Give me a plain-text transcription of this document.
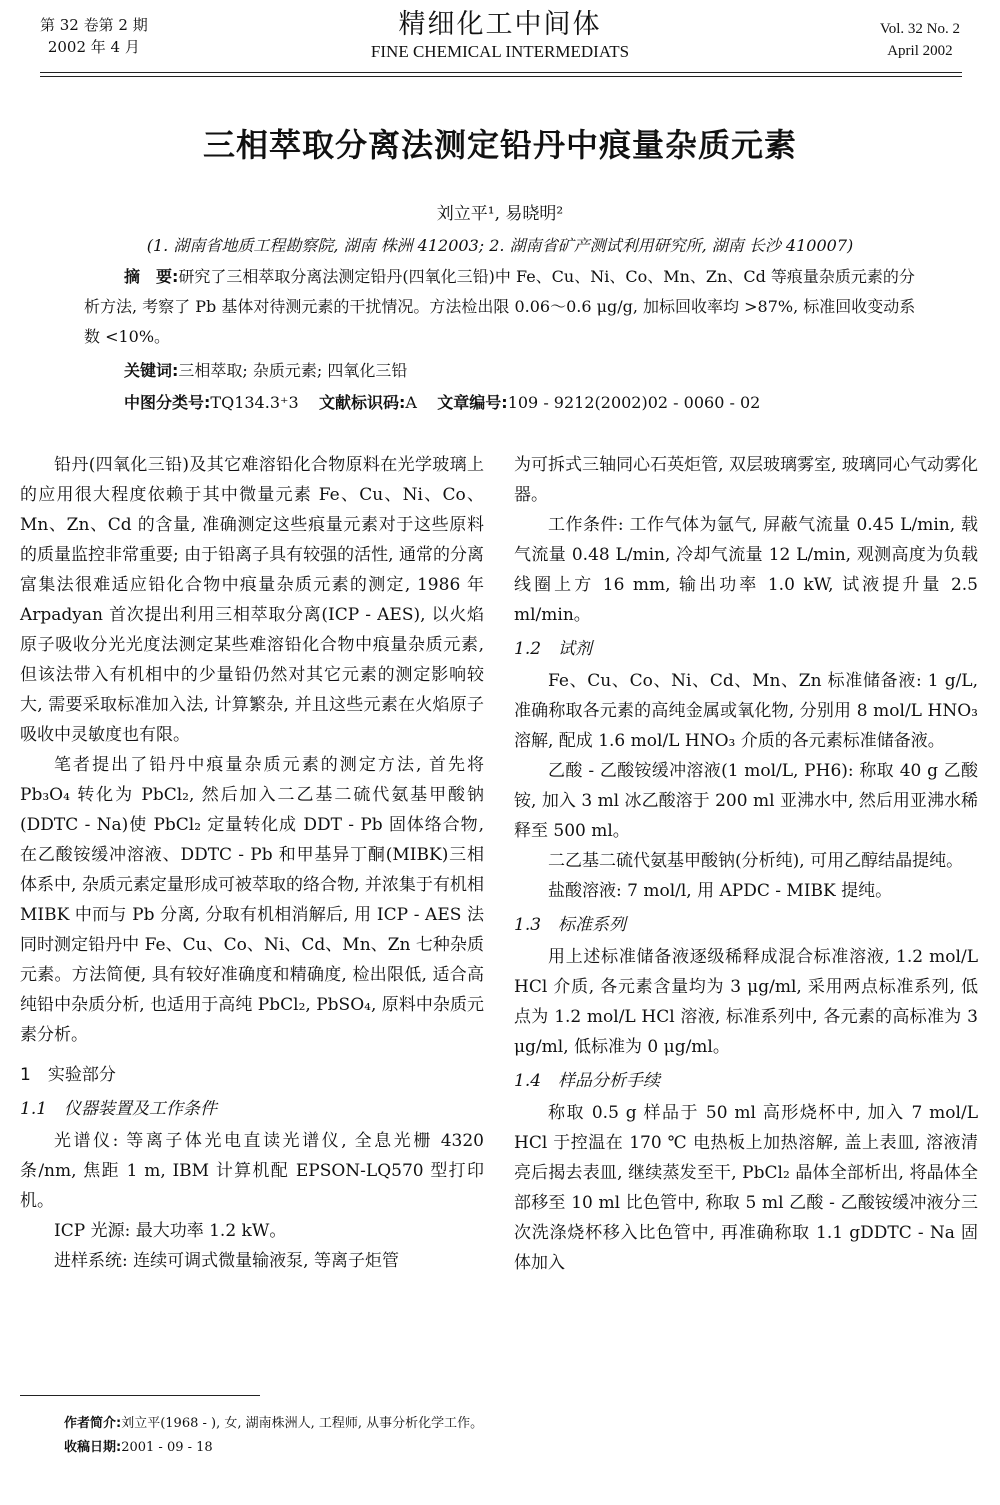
第 32 卷第 2 期
2002 年 4 月
精细化工中间体
FINE CHEMICAL INTERMEDIATS
Vol. 32 No. 2
April 2002
三相萃取分离法测定铅丹中痕量杂质元素
刘立平¹, 易晓明²
(1. 湖南省地质工程勘察院, 湖南 株洲 412003; 2. 湖南省矿产测试利用研究所, 湖南 长沙 410007)
摘　要:研究了三相萃取分离法测定铅丹(四氧化三铅)中 Fe、Cu、Ni、Co、Mn、Zn、Cd 等痕量杂质元素的分析方法, 考察了 Pb 基体对待测元素的干扰情况。方法检出限 0.06～0.6 μg/g, 加标回收率均 >87%, 标准回收变动系数 <10%。
关键词:三相萃取; 杂质元素; 四氧化三铅
中图分类号:TQ134.3⁺3 文献标识码:A 文章编号:109 - 9212(2002)02 - 0060 - 02

铅丹(四氧化三铅)及其它难溶铅化合物原料在光学玻璃上的应用很大程度依赖于其中微量元素 Fe、Cu、Ni、Co、Mn、Zn、Cd 的含量, 准确测定这些痕量元素对于这些原料的质量监控非常重要; 由于铅离子具有较强的活性, 通常的分离富集法很难适应铅化合物中痕量杂质元素的测定, 1986 年 Arpadyan 首次提出利用三相萃取分离(ICP - AES), 以火焰原子吸收分光光度法测定某些难溶铅化合物中痕量杂质元素, 但该法带入有机相中的少量铅仍然对其它元素的测定影响较大, 需要采取标准加入法, 计算繁杂, 并且这些元素在火焰原子吸收中灵敏度也有限。

笔者提出了铅丹中痕量杂质元素的测定方法, 首先将 Pb₃O₄ 转化为 PbCl₂, 然后加入二乙基二硫代氨基甲酸钠(DDTC - Na)使 PbCl₂ 定量转化成 DDT - Pb 固体络合物, 在乙酸铵缓冲溶液、DDTC - Pb 和甲基异丁酮(MIBK)三相体系中, 杂质元素定量形成可被萃取的络合物, 并浓集于有机相 MIBK 中而与 Pb 分离, 分取有机相消解后, 用 ICP - AES 法同时测定铅丹中 Fe、Cu、Co、Ni、Cd、Mn、Zn 七种杂质元素。方法简便, 具有较好准确度和精确度, 检出限低, 适合高纯铅中杂质分析, 也适用于高纯 PbCl₂, PbSO₄, 原料中杂质元素分析。

1　实验部分

1.1　仪器装置及工作条件

光谱仪: 等离子体光电直读光谱仪, 全息光栅 4320 条/nm, 焦距 1 m, IBM 计算机配 EPSON-LQ570 型打印机。

ICP 光源: 最大功率 1.2 kW。

进样系统: 连续可调式微量输液泵, 等离子炬管

为可拆式三轴同心石英炬管, 双层玻璃雾室, 玻璃同心气动雾化器。

工作条件: 工作气体为氩气, 屏蔽气流量 0.45 L/min, 载气流量 0.48 L/min, 冷却气流量 12 L/min, 观测高度为负载线圈上方 16 mm, 输出功率 1.0 kW, 试液提升量 2.5 ml/min。

1.2　试剂

Fe、Cu、Co、Ni、Cd、Mn、Zn 标准储备液: 1 g/L, 准确称取各元素的高纯金属或氧化物, 分别用 8 mol/L HNO₃ 溶解, 配成 1.6 mol/L HNO₃ 介质的各元素标准储备液。

乙酸 - 乙酸铵缓冲溶液(1 mol/L, PH6): 称取 40 g 乙酸铵, 加入 3 ml 冰乙酸溶于 200 ml 亚沸水中, 然后用亚沸水稀释至 500 ml。

二乙基二硫代氨基甲酸钠(分析纯), 可用乙醇结晶提纯。

盐酸溶液: 7 mol/l, 用 APDC - MIBK 提纯。

1.3　标准系列

用上述标准储备液逐级稀释成混合标准溶液, 1.2 mol/L HCl 介质, 各元素含量均为 3 μg/ml, 采用两点标准系列, 低点为 1.2 mol/L HCl 溶液, 标准系列中, 各元素的高标准为 3 μg/ml, 低标准为 0 μg/ml。

1.4　样品分析手续

称取 0.5 g 样品于 50 ml 高形烧杯中, 加入 7 mol/L HCl 于控温在 170 ℃ 电热板上加热溶解, 盖上表皿, 溶液清亮后揭去表皿, 继续蒸发至干, PbCl₂ 晶体全部析出, 将晶体全部移至 10 ml 比色管中, 称取 5 ml 乙酸 - 乙酸铵缓冲液分三次洗涤烧杯移入比色管中, 再准确称取 1.1 gDDTC - Na 固体加入

作者简介:刘立平(1968 - ), 女, 湖南株洲人, 工程师, 从事分析化学工作。
收稿日期:2001 - 09 - 18
